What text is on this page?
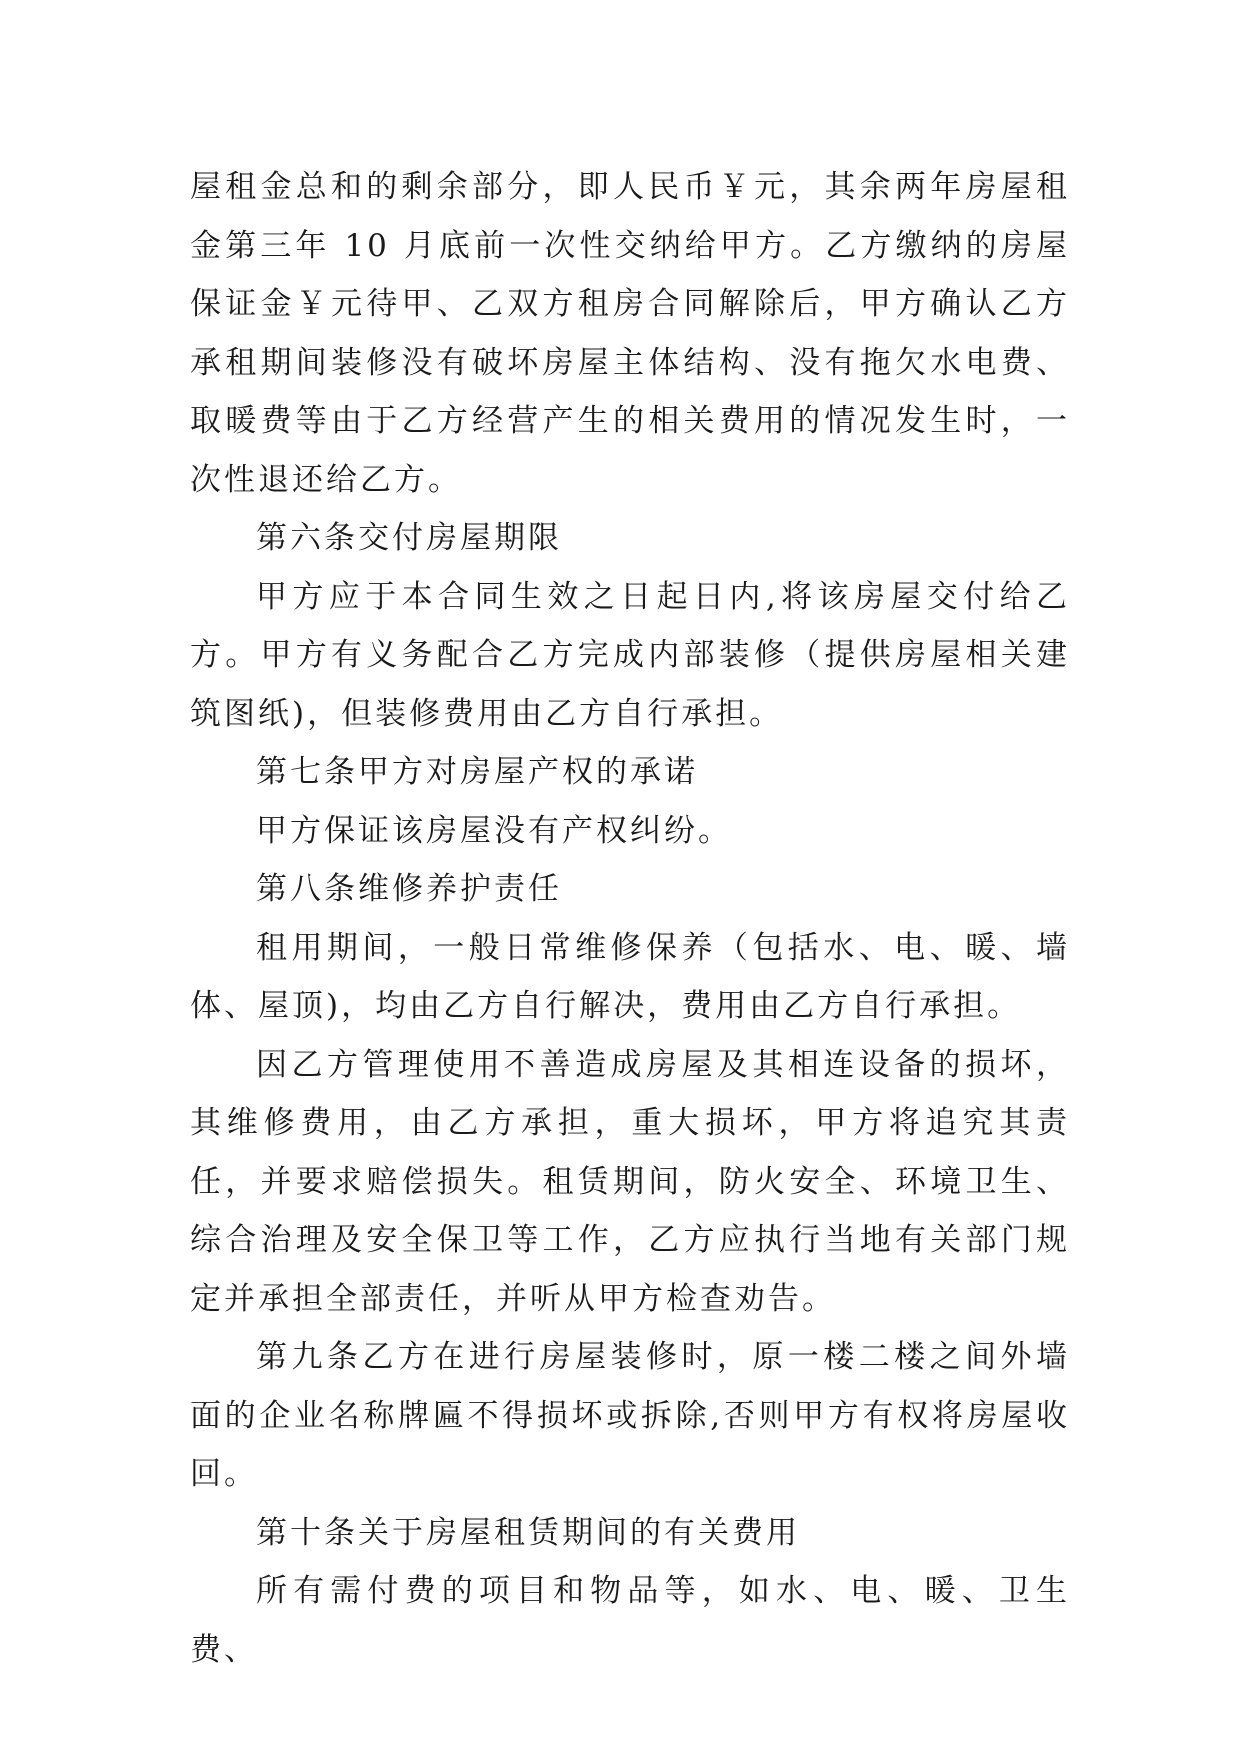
屋租金总和的剩余部分，即人民币￥元，其余两年房屋租金第三年 10 月底前一次性交纳给甲方。乙方缴纳的房屋保证金￥元待甲、乙双方租房合同解除后，甲方确认乙方承租期间装修没有破坏房屋主体结构、没有拖欠水电费、取暖费等由于乙方经营产生的相关费用的情况发生时，一次性退还给乙方。

第六条交付房屋期限

甲方应于本合同生效之日起日内,将该房屋交付给乙方。甲方有义务配合乙方完成内部装修（提供房屋相关建筑图纸)，但装修费用由乙方自行承担。

第七条甲方对房屋产权的承诺

甲方保证该房屋没有产权纠纷。

第八条维修养护责任

租用期间，一般日常维修保养（包括水、电、暖、墙体、屋顶)，均由乙方自行解决，费用由乙方自行承担。

因乙方管理使用不善造成房屋及其相连设备的损坏，其维修费用，由乙方承担，重大损坏，甲方将追究其责任，并要求赔偿损失。租赁期间，防火安全、环境卫生、综合治理及安全保卫等工作，乙方应执行当地有关部门规定并承担全部责任，并听从甲方检查劝告。

第九条乙方在进行房屋装修时，原一楼二楼之间外墙面的企业名称牌匾不得损坏或拆除,否则甲方有权将房屋收回。

第十条关于房屋租赁期间的有关费用

所有需付费的项目和物品等，如水、电、暖、卫生费、
